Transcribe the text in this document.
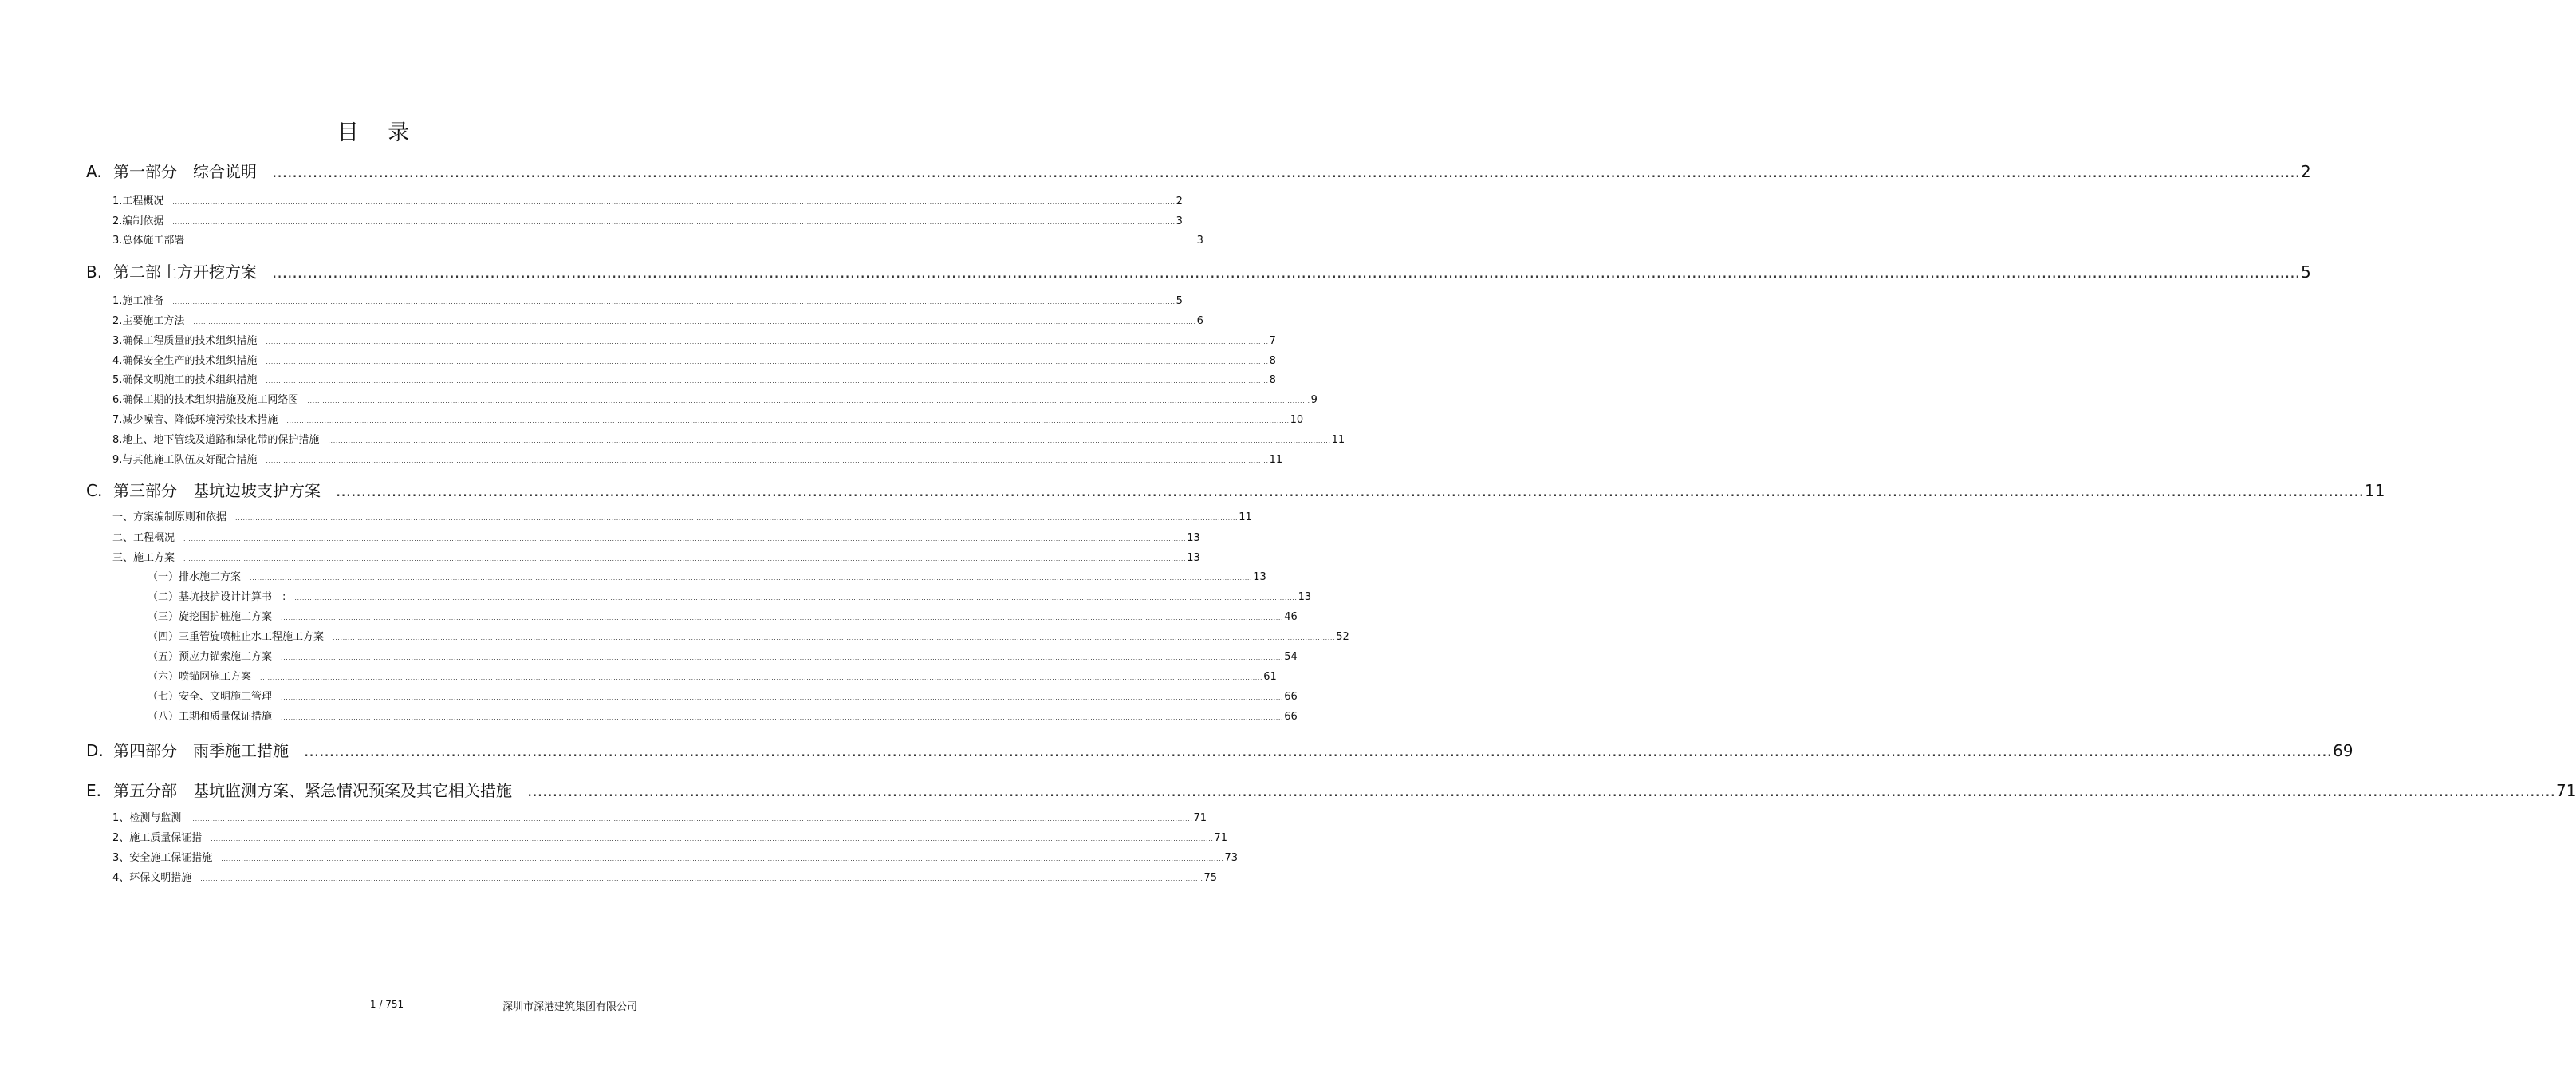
目 录
A. 第一部分　综合说明 ................................................................................................................................................................................................................................................................................................................................................................................................................ 2
1.工程概况	................................................................................................................................................................................................................................................................................................................................................................................................................ 2
2.编制依据	................................................................................................................................................................................................................................................................................................................................................................................................................ 3
3.总体施工部署	................................................................................................................................................................................................................................................................................................................................................................................................................ 3
B. 第二部土方开挖方案 ................................................................................................................................................................................................................................................................................................................................................................................................................ 5
1.施工准备	................................................................................................................................................................................................................................................................................................................................................................................................................ 5
2.主要施工方法	................................................................................................................................................................................................................................................................................................................................................................................................................ 6
3.确保工程质量的技术组织措施	................................................................................................................................................................................................................................................................................................................................................................................................................ 7
4.确保安全生产的技术组织措施	................................................................................................................................................................................................................................................................................................................................................................................................................ 8
5.确保文明施工的技术组织措施	................................................................................................................................................................................................................................................................................................................................................................................................................ 8
6.确保工期的技术组织措施及施工网络图	................................................................................................................................................................................................................................................................................................................................................................................................................ 9
7.减少噪音、降低环境污染技术措施	................................................................................................................................................................................................................................................................................................................................................................................................................ 10
8.地上、地下管线及道路和绿化带的保护措施	................................................................................................................................................................................................................................................................................................................................................................................................................ 11
9.与其他施工队伍友好配合措施	................................................................................................................................................................................................................................................................................................................................................................................................................ 11
C. 第三部分　基坑边坡支护方案 ................................................................................................................................................................................................................................................................................................................................................................................................................ 11
一、方案编制原则和依据	................................................................................................................................................................................................................................................................................................................................................................................................................ 11
二、工程概况	................................................................................................................................................................................................................................................................................................................................................................................................................ 13
三、施工方案	................................................................................................................................................................................................................................................................................................................................................................................................................ 13
（一）排水施工方案	................................................................................................................................................................................................................................................................................................................................................................................................................ 13
（二）基坑技护设计计算书　:	................................................................................................................................................................................................................................................................................................................................................................................................................ 13
（三）旋挖围护桩施工方案	................................................................................................................................................................................................................................................................................................................................................................................................................ 46
（四）三重管旋喷桩止水工程施工方案	................................................................................................................................................................................................................................................................................................................................................................................................................ 52
（五）预应力锚索施工方案	................................................................................................................................................................................................................................................................................................................................................................................................................ 54
（六）喷锚网施工方案	................................................................................................................................................................................................................................................................................................................................................................................................................ 61
（七）安全、文明施工管理	................................................................................................................................................................................................................................................................................................................................................................................................................ 66
（八）工期和质量保证措施	................................................................................................................................................................................................................................................................................................................................................................................................................ 66
D. 第四部分　雨季施工措施 ................................................................................................................................................................................................................................................................................................................................................................................................................ 69
E. 第五分部　基坑监测方案、紧急情况预案及其它相关措施 ................................................................................................................................................................................................................................................................................................................................................................................................................ 71
1、检测与监测	................................................................................................................................................................................................................................................................................................................................................................................................................ 71
2、施工质量保证措	................................................................................................................................................................................................................................................................................................................................................................................................................ 71
3、安全施工保证措施	................................................................................................................................................................................................................................................................................................................................................................................................................ 73
4、环保文明措施	................................................................................................................................................................................................................................................................................................................................................................................................................ 75
1 / 751	深圳市深港建筑集团有限公司
